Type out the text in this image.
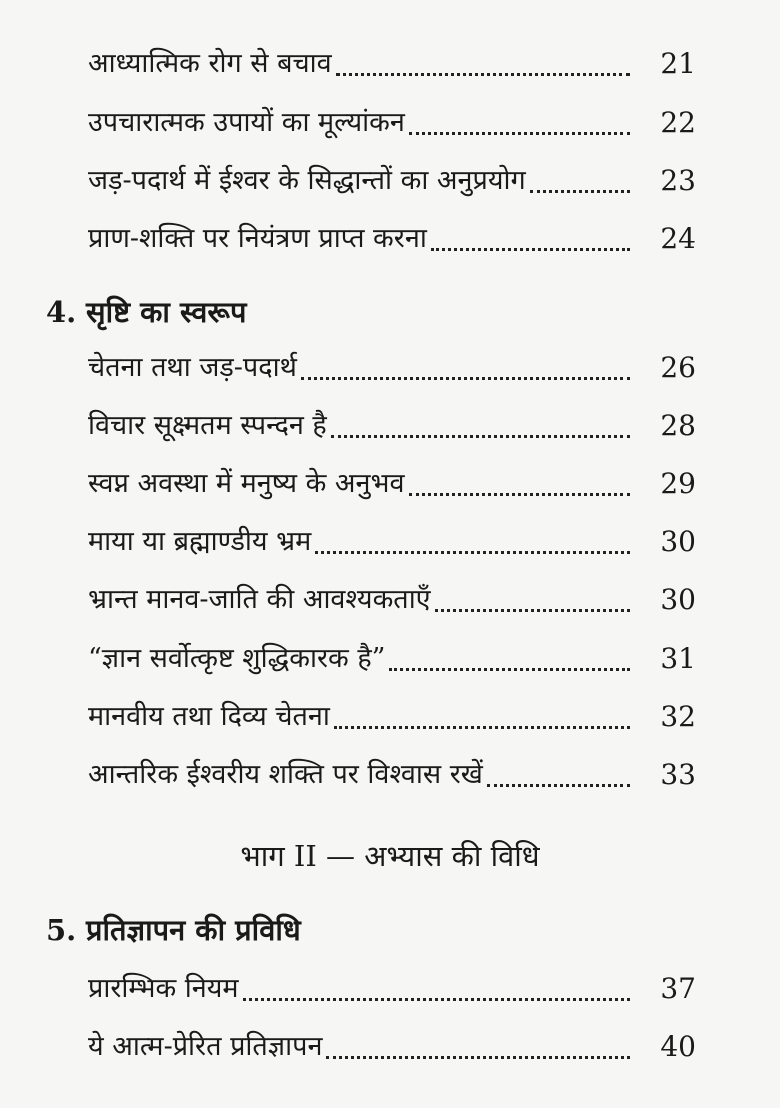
आध्यात्मिक रोग से बचाव	21
उपचारात्मक उपायों का मूल्यांकन	22
जड़-पदार्थ में ईश्वर के सिद्धान्तों का अनुप्रयोग	23
प्राण-शक्ति पर नियंत्रण प्राप्त करना	24
4. सृष्टि का स्वरूप
चेतना तथा जड़-पदार्थ	26
विचार सूक्ष्मतम स्पन्दन है	28
स्वप्न अवस्था में मनुष्य के अनुभव	29
माया या ब्रह्माण्डीय भ्रम	30
भ्रान्त मानव-जाति की आवश्यकताएँ	30
“ज्ञान सर्वोत्कृष्ट शुद्धिकारक है”	31
मानवीय तथा दिव्य चेतना	32
आन्तरिक ईश्वरीय शक्ति पर विश्वास रखें	33
भाग II — अभ्यास की विधि
5. प्रतिज्ञापन की प्रविधि
प्रारम्भिक नियम	37
ये आत्म-प्रेरित प्रतिज्ञापन	40
